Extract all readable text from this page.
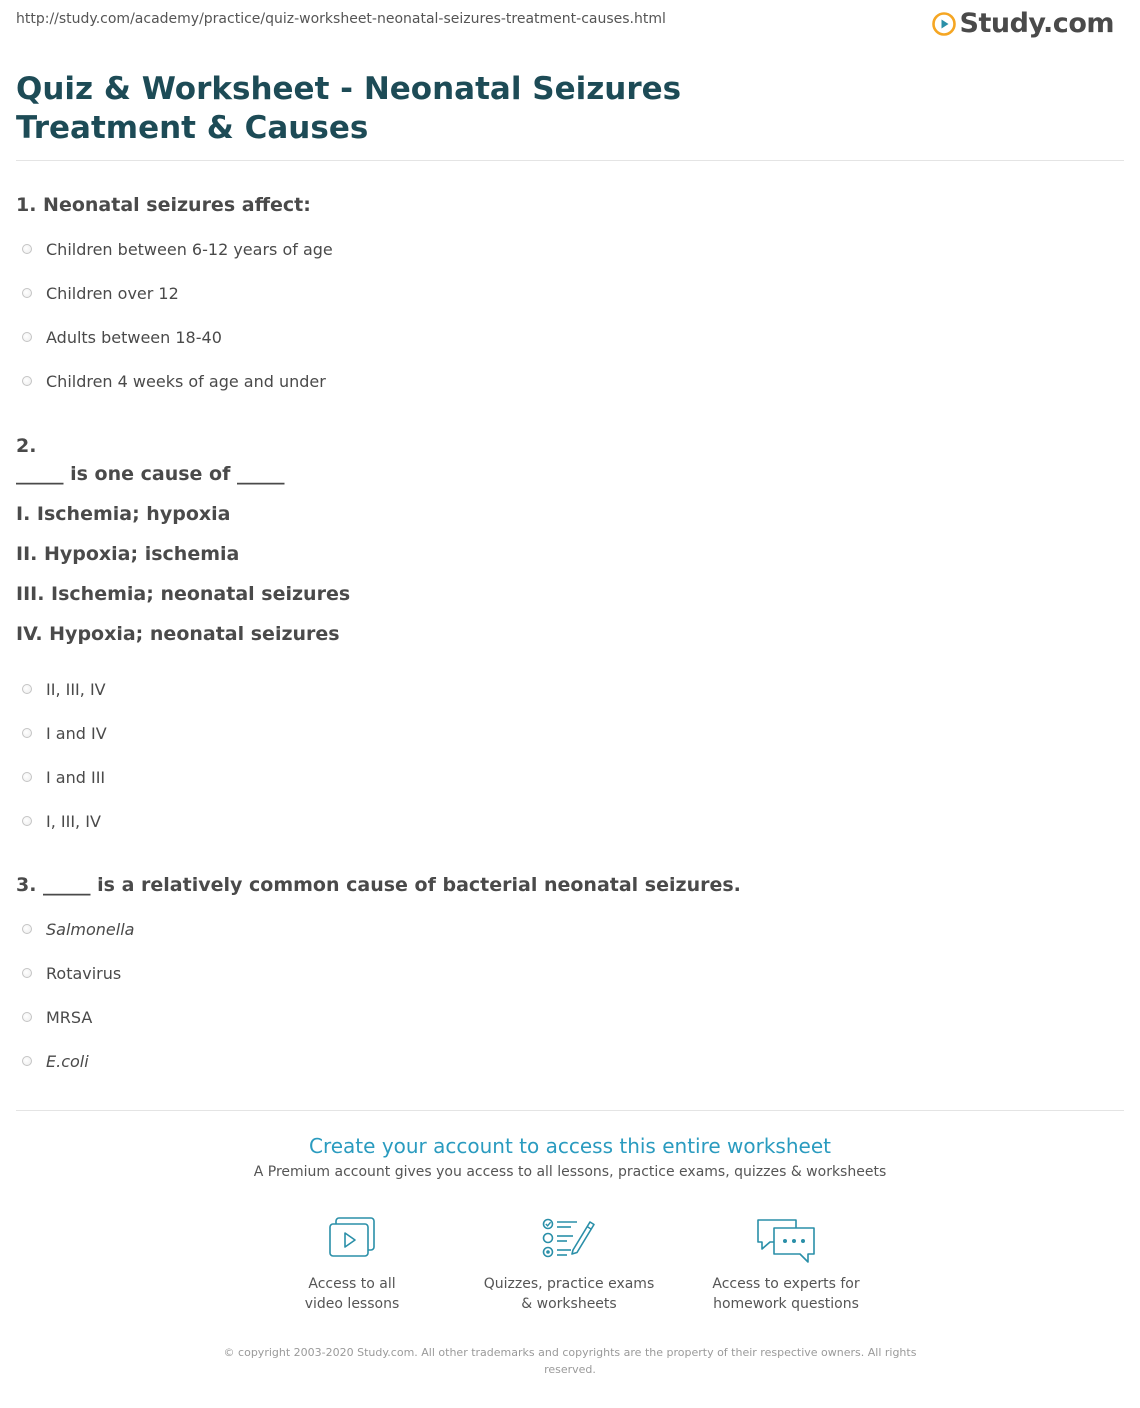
http://study.com/academy/practice/quiz-worksheet-neonatal-seizures-treatment-causes.html	Study.com
Quiz & Worksheet - Neonatal Seizures Treatment & Causes
1. Neonatal seizures affect:
Children between 6-12 years of age
Children over 12
Adults between 18-40
Children 4 weeks of age and under
2.
_____ is one cause of _____
I. Ischemia; hypoxia
II. Hypoxia; ischemia
III. Ischemia; neonatal seizures
IV. Hypoxia; neonatal seizures
II, III, IV
I and IV
I and III
I, III, IV
3. _____ is a relatively common cause of bacterial neonatal seizures.
Salmonella
Rotavirus
MRSA
E.coli
Create your account to access this entire worksheet
A Premium account gives you access to all lessons, practice exams, quizzes & worksheets
Access to all
video lessons
Quizzes, practice exams
& worksheets
Access to experts for
homework questions
© copyright 2003-2020 Study.com. All other trademarks and copyrights are the property of their respective owners. All rights reserved.
